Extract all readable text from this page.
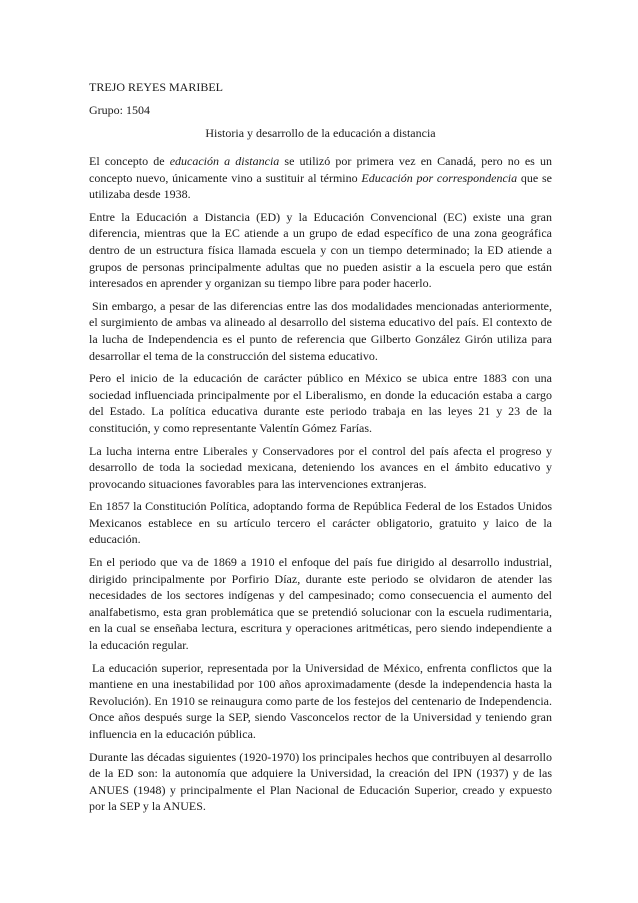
TREJO REYES MARIBEL
Grupo: 1504
Historia y desarrollo de la educación a distancia

El concepto de educación a distancia se utilizó por primera vez en Canadá, pero no es un concepto nuevo, únicamente vino a sustituir al término Educación por correspondencia que se utilizaba desde 1938.

Entre la Educación a Distancia (ED) y la Educación Convencional (EC) existe una gran diferencia, mientras que la EC atiende a un grupo de edad específico de una zona geográfica dentro de un estructura física llamada escuela y con un tiempo determinado; la ED atiende a grupos de personas principalmente adultas que no pueden asistir a la escuela pero que están interesados en aprender y organizan su tiempo libre para poder hacerlo.

Sin embargo, a pesar de las diferencias entre las dos modalidades mencionadas anteriormente, el surgimiento de ambas va alineado al desarrollo del sistema educativo del país. El contexto de la lucha de Independencia es el punto de referencia que Gilberto González Girón utiliza para desarrollar el tema de la construcción del sistema educativo.

Pero el inicio de la educación de carácter público en México se ubica entre 1883 con una sociedad influenciada principalmente por el Liberalismo, en donde la educación estaba a cargo del Estado. La política educativa durante este periodo trabaja en las leyes 21 y 23 de la constitución, y como representante Valentín Gómez Farías.

La lucha interna entre Liberales y Conservadores por el control del país afecta el progreso y desarrollo de toda la sociedad mexicana, deteniendo los avances en el ámbito educativo y provocando situaciones favorables para las intervenciones extranjeras.

En 1857 la Constitución Política, adoptando forma de República Federal de los Estados Unidos Mexicanos establece en su artículo tercero el carácter obligatorio, gratuito y laico de la educación.

En el periodo que va de 1869 a 1910 el enfoque del país fue dirigido al desarrollo industrial, dirigido principalmente por Porfirio Díaz, durante este periodo se olvidaron de atender las necesidades de los sectores indígenas y del campesinado; como consecuencia el aumento del analfabetismo, esta gran problemática que se pretendió solucionar con la escuela rudimentaria, en la cual se enseñaba lectura, escritura y operaciones aritméticas, pero siendo independiente a la educación regular.

La educación superior, representada por la Universidad de México, enfrenta conflictos que la mantiene en una inestabilidad por 100 años aproximadamente (desde la independencia hasta la Revolución). En 1910 se reinaugura como parte de los festejos del centenario de Independencia. Once años después surge la SEP, siendo Vasconcelos rector de la Universidad y teniendo gran influencia en la educación pública.

Durante las décadas siguientes (1920-1970) los principales hechos que contribuyen al desarrollo de la ED son: la autonomía que adquiere la Universidad, la creación del IPN (1937) y de las ANUES (1948) y principalmente el Plan Nacional de Educación Superior, creado y expuesto por la SEP y la ANUES.
